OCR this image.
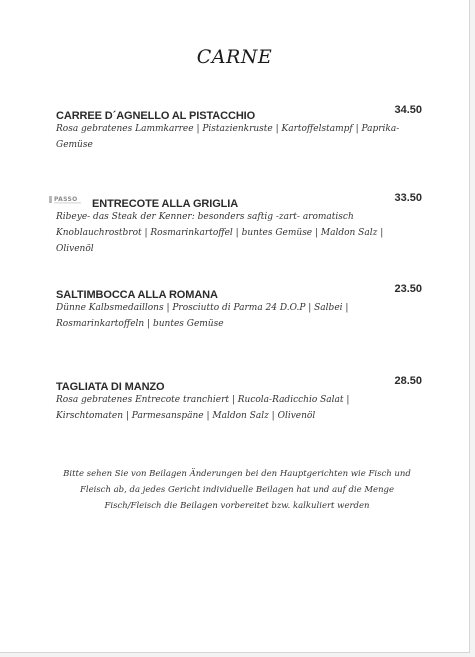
CARNE
CARREE D´AGNELLO AL PISTACCHIO	34.50
Rosa gebratenes Lammkarree | Pistazienkruste | Kartoffelstampf | Paprika-Gemüse
PASSO ENTRECOTE ALLA GRIGLIA	33.50
Ribeye- das Steak der Kenner: besonders saftig -zart- aromatisch Knoblauchrostbrot | Rosmarinkartoffel | buntes Gemüse | Maldon Salz | Olivenöl
SALTIMBOCCA ALLA ROMANA	23.50
Dünne Kalbsmedaillons | Prosciutto di Parma 24 D.O.P | Salbei | Rosmarinkartoffeln | buntes Gemüse
TAGLIATA DI MANZO	28.50
Rosa gebratenes Entrecote tranchiert | Rucola-Radicchio Salat | Kirschtomaten | Parmesanspäne | Maldon Salz | Olivenöl
Bitte sehen Sie von Beilagen Änderungen bei den Hauptgerichten wie Fisch und Fleisch ab, da jedes Gericht individuelle Beilagen hat und auf die Menge Fisch/Fleisch die Beilagen vorbereitet bzw. kalkuliert werden
